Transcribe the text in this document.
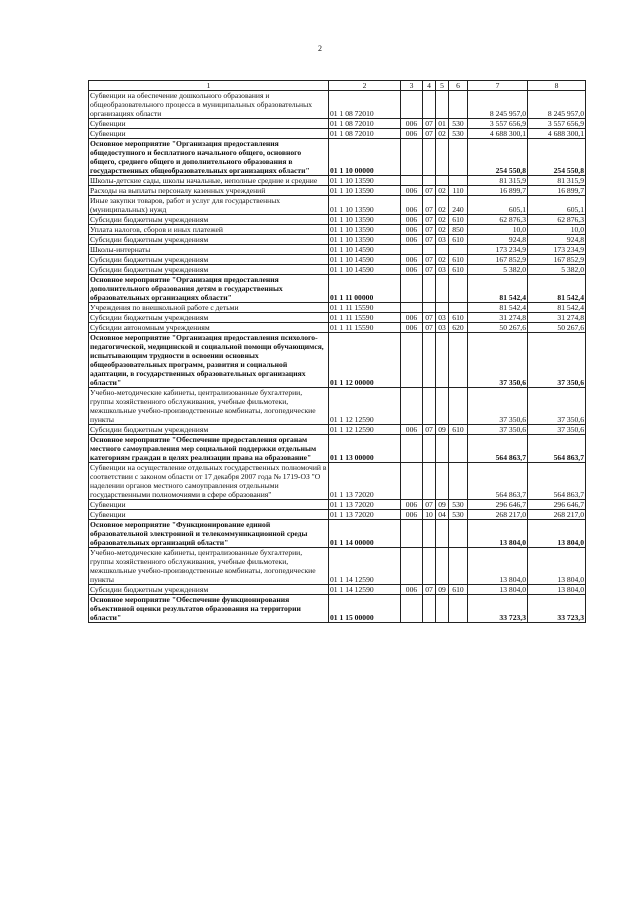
2
1	2	3	4	5	6	7	8
Субвенции на обеспечение дошкольного образования и общеобразовательного процесса в муниципальных образовательных организациях области	01 1 08 72010					8 245 957,0	8 245 957,0
Субвенции	01 1 08 72010	006	07	01	530	3 557 656,9	3 557 656,9
Субвенции	01 1 08 72010	006	07	02	530	4 688 300,1	4 688 300,1
Основное мероприятие "Организация предоставления общедоступного и бесплатного начального общего, основного общего, среднего общего и дополнительного образования в государственных общеобразовательных организациях области"	01 1 10 00000					254 550,8	254 550,8
Школы-детские сады, школы начальные, неполные средние и средние	01 1 10 13590					81 315,9	81 315,9
Расходы на выплаты персоналу казенных учреждений	01 1 10 13590	006	07	02	110	16 899,7	16 899,7
Иные закупки товаров, работ и услуг для государственных (муниципальных) нужд	01 1 10 13590	006	07	02	240	605,1	605,1
Субсидии бюджетным учреждениям	01 1 10 13590	006	07	02	610	62 876,3	62 876,3
Уплата налогов, сборов и иных платежей	01 1 10 13590	006	07	02	850	10,0	10,0
Субсидии бюджетным учреждениям	01 1 10 13590	006	07	03	610	924,8	924,8
Школы-интернаты	01 1 10 14590					173 234,9	173 234,9
Субсидии бюджетным учреждениям	01 1 10 14590	006	07	02	610	167 852,9	167 852,9
Субсидии бюджетным учреждениям	01 1 10 14590	006	07	03	610	5 382,0	5 382,0
Основное мероприятие "Организация предоставления дополнительного образования детям в государственных образовательных организациях области"	01 1 11 00000					81 542,4	81 542,4
Учреждения по внешкольной работе с детьми	01 1 11 15590					81 542,4	81 542,4
Субсидии бюджетным учреждениям	01 1 11 15590	006	07	03	610	31 274,8	31 274,8
Субсидии автономным учреждениям	01 1 11 15590	006	07	03	620	50 267,6	50 267,6
Основное мероприятие "Организация предоставления психолого-педагогической, медицинской и социальной помощи обучающимся, испытывающим трудности в освоении основных общеобразовательных программ, развития и социальной адаптации, в государственных образовательных организациях области"	01 1 12 00000					37 350,6	37 350,6
Учебно-методические кабинеты, централизованные бухгалтерии, группы хозяйственного обслуживания, учебные фильмотеки, межшкольные учебно-производственные комбинаты, логопедические пункты	01 1 12 12590					37 350,6	37 350,6
Субсидии бюджетным учреждениям	01 1 12 12590	006	07	09	610	37 350,6	37 350,6
Основное мероприятие "Обеспечение предоставления органам местного самоуправления мер социальной поддержки отдельным категориям граждан в целях реализации права на образование"	01 1 13 00000					564 863,7	564 863,7
Субвенции на осуществление отдельных государственных полномочий в соответствии с законом области от 17 декабря 2007 года № 1719-ОЗ "О наделении органов местного самоуправления отдельными государственными полномочиями в сфере образования"	01 1 13 72020					564 863,7	564 863,7
Субвенции	01 1 13 72020	006	07	09	530	296 646,7	296 646,7
Субвенции	01 1 13 72020	006	10	04	530	268 217,0	268 217,0
Основное мероприятие "Функционирование единой образовательной электронной и телекоммуникационной среды образовательных организаций области"	01 1 14 00000					13 804,0	13 804,0
Учебно-методические кабинеты, централизованные бухгалтерии, группы хозяйственного обслуживания, учебные фильмотеки, межшкольные учебно-производственные комбинаты, логопедические пункты	01 1 14 12590					13 804,0	13 804,0
Субсидии бюджетным учреждениям	01 1 14 12590	006	07	09	610	13 804,0	13 804,0
Основное мероприятие "Обеспечение функционирования объективной оценки результатов образования на территории области"	01 1 15 00000					33 723,3	33 723,3
